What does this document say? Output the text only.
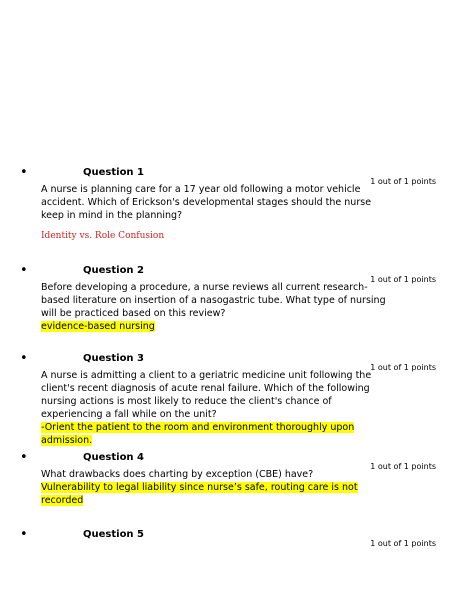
•	Question 1
1 out of 1 points
A nurse is planning care for a 17 year old following a motor vehicle accident. Which of Erickson's developmental stages should the nurse keep in mind in the planning?
Identity vs. Role Confusion
•	Question 2
1 out of 1 points
Before developing a procedure, a nurse reviews all current research-based literature on insertion of a nasogastric tube. What type of nursing will be practiced based on this review?
evidence-based nursing
•	Question 3
1 out of 1 points
A nurse is admitting a client to a geriatric medicine unit following the client's recent diagnosis of acute renal failure. Which of the following nursing actions is most likely to reduce the client's chance of experiencing a fall while on the unit?
-Orient the patient to the room and environment thoroughly upon admission.
•	Question 4
1 out of 1 points
What drawbacks does charting by exception (CBE) have?
Vulnerability to legal liability since nurse’s safe, routing care is not recorded
•	Question 5
1 out of 1 points
